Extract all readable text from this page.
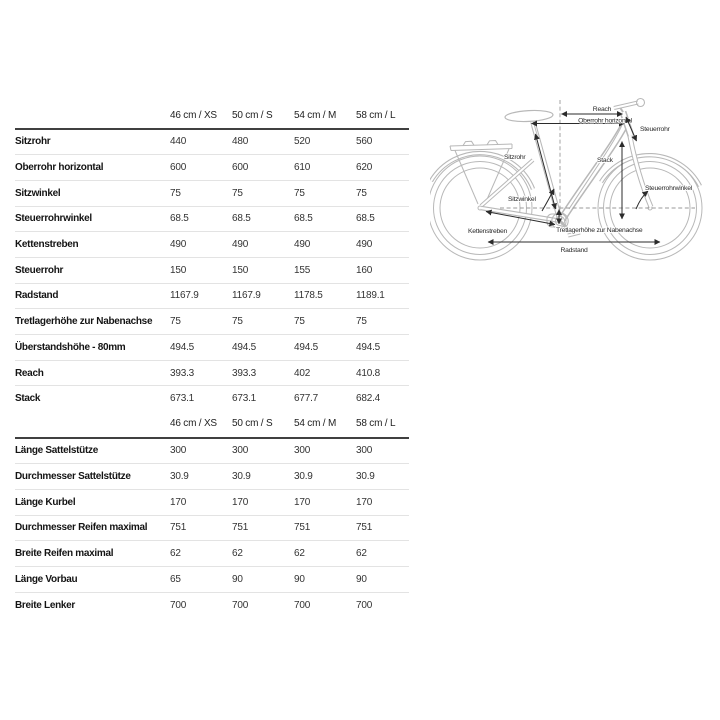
46 cm / XS	50 cm / S	54 cm / M	58 cm / L
Sitzrohr	440	480	520	560
Oberrohr horizontal	600	600	610	620
Sitzwinkel	75	75	75	75
Steuerrohrwinkel	68.5	68.5	68.5	68.5
Kettenstreben	490	490	490	490
Steuerrohr	150	150	155	160
Radstand	1167.9	1167.9	1178.5	1189.1
Tretlagerhöhe zur Nabenachse	75	75	75	75
Überstandshöhe - 80mm	494.5	494.5	494.5	494.5
Reach	393.3	393.3	402	410.8
Stack	673.1	673.1	677.7	682.4
46 cm / XS	50 cm / S	54 cm / M	58 cm / L
Länge Sattelstütze	300	300	300	300
Durchmesser Sattelstütze	30.9	30.9	30.9	30.9
Länge Kurbel	170	170	170	170
Durchmesser Reifen maximal	751	751	751	751
Breite Reifen maximal	62	62	62	62
Länge Vorbau	65	90	90	90
Breite Lenker	700	700	700	700
Reach
Oberrohr horizontal
Steuerrohr
Stack
Sitzrohr
Sitzwinkel
Steuerrohrwinkel
Kettenstreben	Tretlagerhöhe zur Nabenachse
Radstand
